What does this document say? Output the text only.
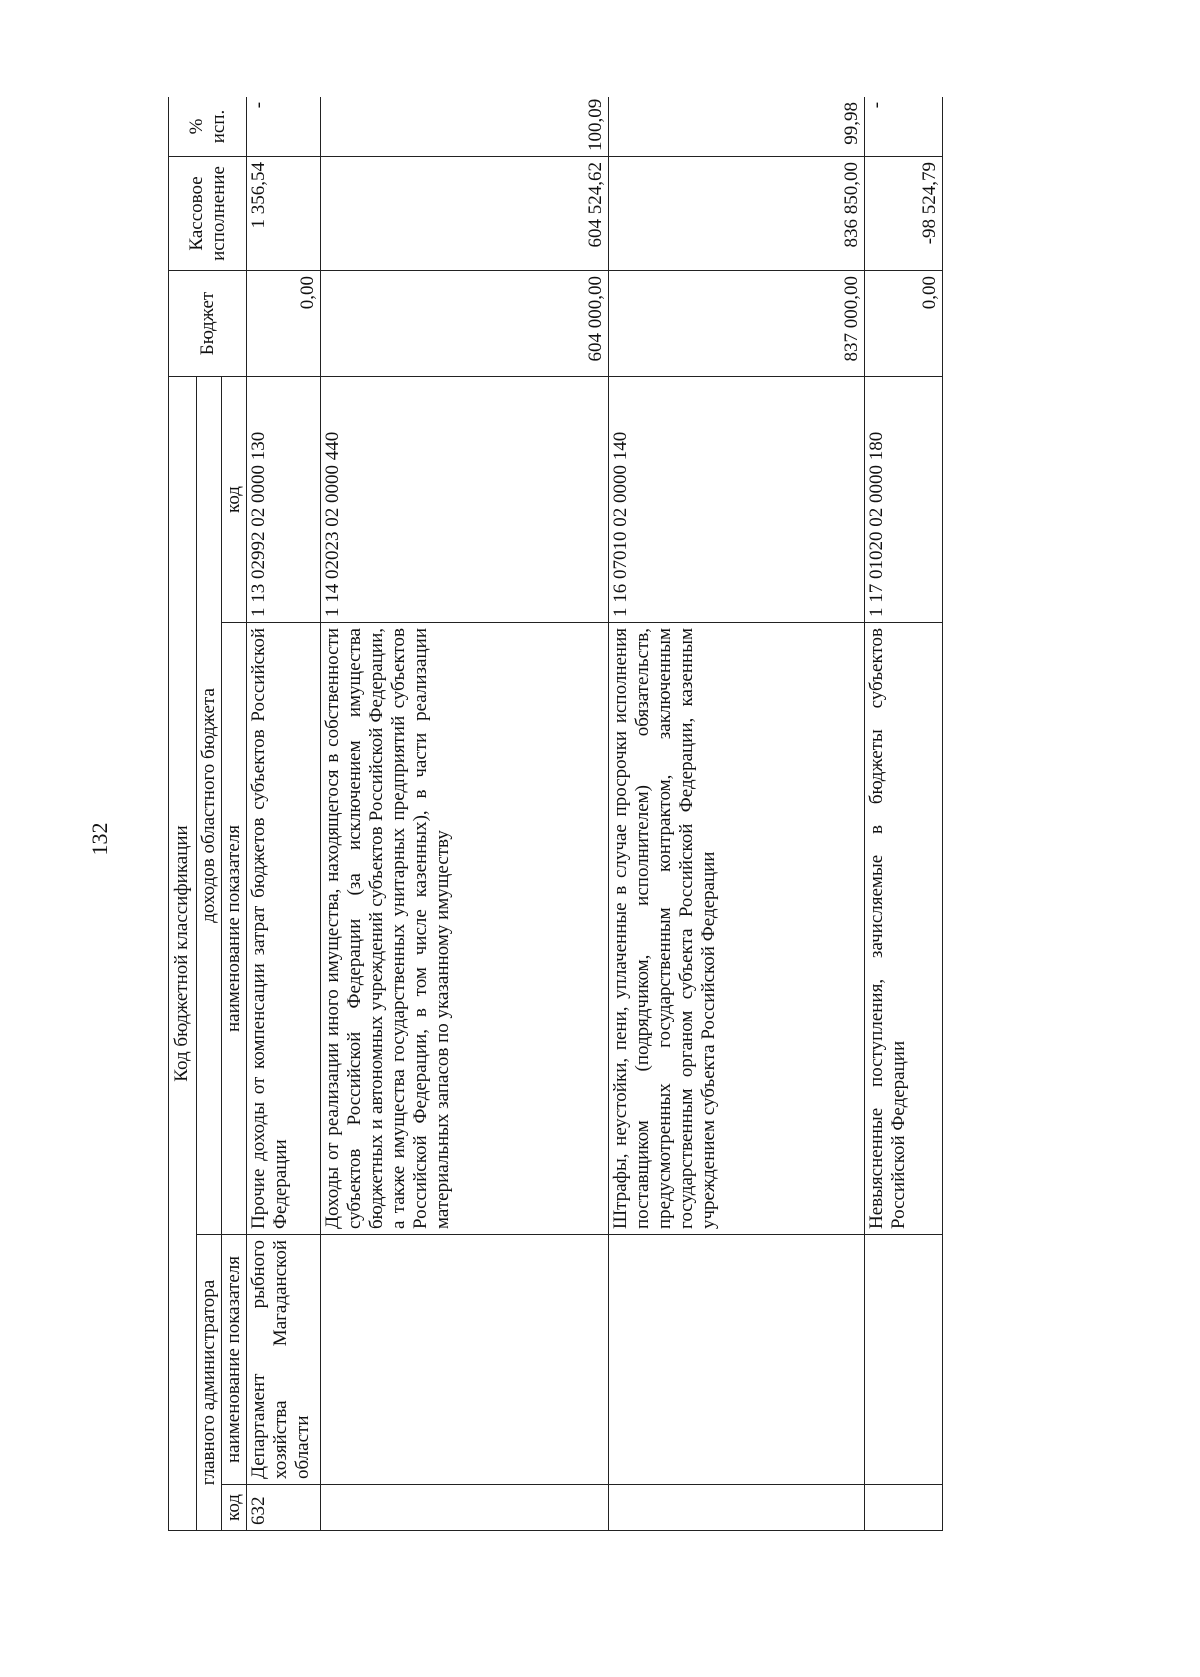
132	Код бюджетной классификации				Бюджет	Кассовое исполнение	% исп.
главного администратора		доходов областного бюджета				
код	наименование показателя	наименование показателя	код			
632	Департамент рыбного хозяйства Магаданской области	Прочие доходы от компенсации затрат бюджетов субъектов Российской Федерации	1 13 02992 02 0000 130	0,00	1 356,54	-
		Доходы от реализации иного имущества, находящегося в собственности субъектов Российской Федерации (за исключением имущества бюджетных и автономных учреждений субъектов Российской Федерации, а также имущества государственных унитарных предприятий субъектов Российской Федерации, в том числе казенных), в части реализации материальных запасов по указанному имуществу	1 14 02023 02 0000 440	604 000,00	604 524,62	100,09
		Штрафы, неустойки, пени, уплаченные в случае просрочки исполнения поставщиком (подрядчиком, исполнителем) обязательств, предусмотренных государственным контрактом, заключенным государственным органом субъекта Российской Федерации, казенным учреждением субъекта Российской Федерации	1 16 07010 02 0000 140	837 000,00	836 850,00	99,98
		Невыясненные поступления, зачисляемые в бюджеты субъектов Российской Федерации	1 17 01020 02 0000 180	0,00	-98 524,79	-
